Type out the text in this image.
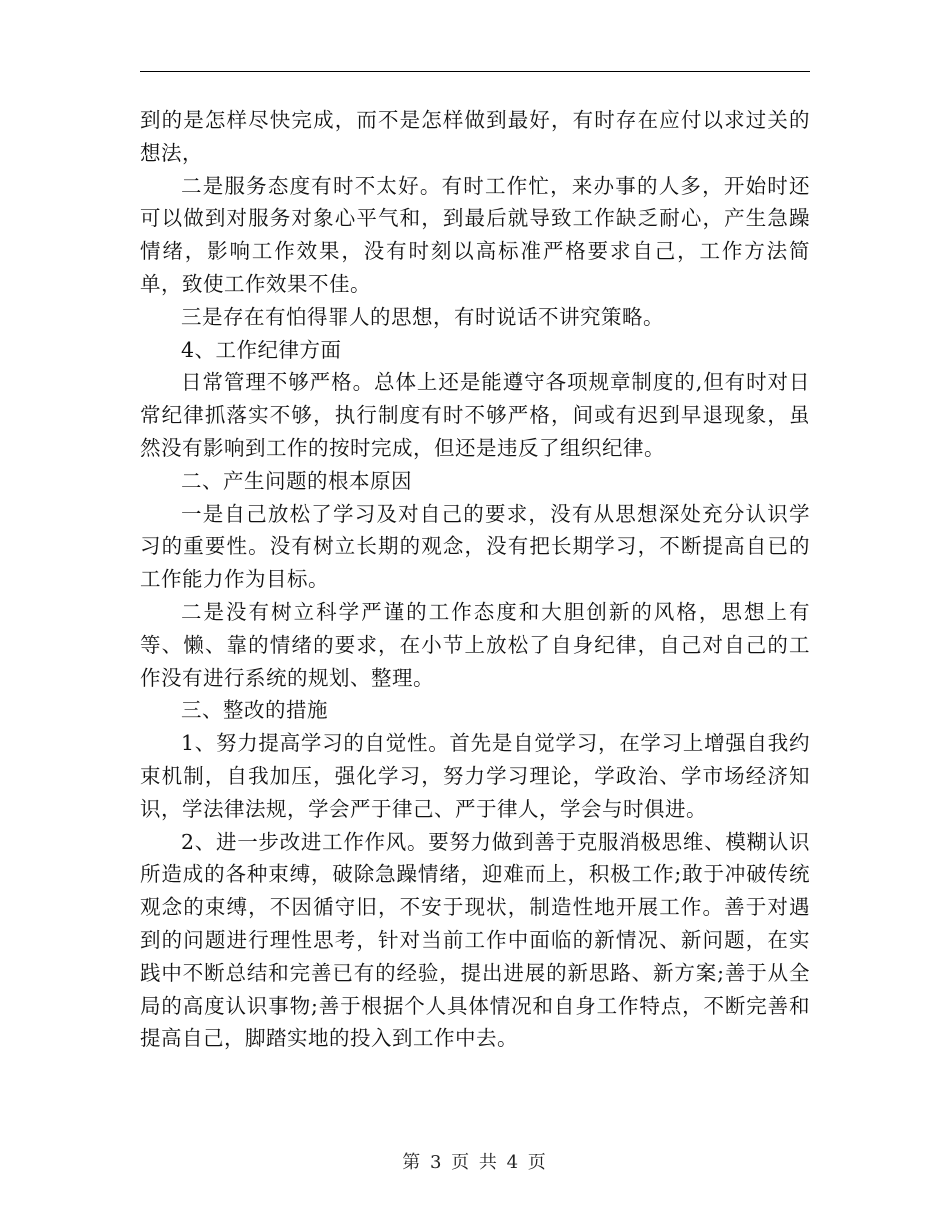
到的是怎样尽快完成，而不是怎样做到最好，有时存在应付以求过关的想法，

二是服务态度有时不太好。有时工作忙，来办事的人多，开始时还可以做到对服务对象心平气和，到最后就导致工作缺乏耐心，产生急躁情绪，影响工作效果，没有时刻以高标准严格要求自己，工作方法简单，致使工作效果不佳。

三是存在有怕得罪人的思想，有时说话不讲究策略。

4、工作纪律方面

日常管理不够严格。总体上还是能遵守各项规章制度的,但有时对日常纪律抓落实不够，执行制度有时不够严格，间或有迟到早退现象，虽然没有影响到工作的按时完成，但还是违反了组织纪律。

二、产生问题的根本原因

一是自己放松了学习及对自己的要求，没有从思想深处充分认识学习的重要性。没有树立长期的观念，没有把长期学习，不断提高自已的工作能力作为目标。

二是没有树立科学严谨的工作态度和大胆创新的风格，思想上有等、懒、靠的情绪的要求，在小节上放松了自身纪律，自己对自己的工作没有进行系统的规划、整理。

三、整改的措施

1、努力提高学习的自觉性。首先是自觉学习，在学习上增强自我约束机制，自我加压，强化学习，努力学习理论，学政治、学市场经济知识，学法律法规，学会严于律己、严于律人，学会与时俱进。

2、进一步改进工作作风。要努力做到善于克服消极思维、模糊认识所造成的各种束缚，破除急躁情绪，迎难而上，积极工作;敢于冲破传统观念的束缚，不因循守旧，不安于现状，制造性地开展工作。善于对遇到的问题进行理性思考，针对当前工作中面临的新情况、新问题，在实践中不断总结和完善已有的经验，提出进展的新思路、新方案;善于从全局的高度认识事物;善于根据个人具体情况和自身工作特点，不断完善和提高自己，脚踏实地的投入到工作中去。

第 3 页 共 4 页
